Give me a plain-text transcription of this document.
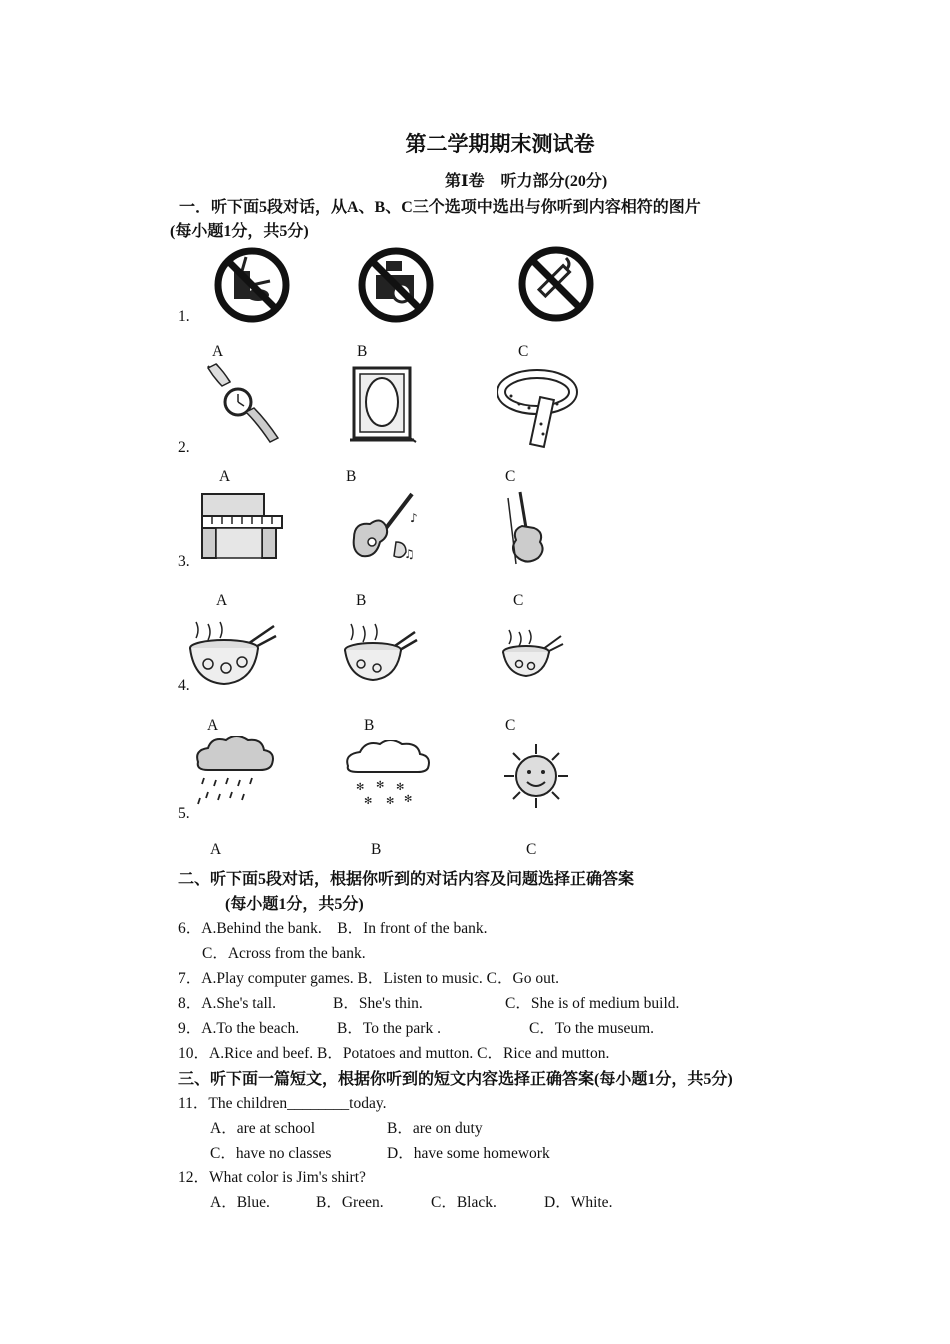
第二学期期末测试卷
第Ⅰ卷　听力部分(20分)
一．听下面5段对话，从A、B、C三个选项中选出与你听到内容相符的图片
(每小题1分，共5分)
1.
2.
3.
4.
5.
A	B	C
A	B	C
♪
♫
A	B	C
A	B	C
✻ ✻ ✻
✻ ✻ ✻
A	B	C
二、听下面5段对话，根据你听到的对话内容及问题选择正确答案
(每小题1分，共5分)
6．A.Behind the bank.　B．In front of the bank.
C．Across from the bank.
7．A.Play computer games. B．Listen to music. C．Go out.
8．A.She's tall.	B．She's thin.	C．She is of medium build.
9．A.To the beach. B．To the park .	C．To the museum.
10．A.Rice and beef. B．Potatoes and mutton. C．Rice and mutton.
三、听下面一篇短文，根据你听到的短文内容选择正确答案(每小题1分，共5分)
11．The children________today.
A．are at school	B．are on duty
C．have no classes	D．have some homework
12．What color is Jim's shirt?
A．Blue.	B．Green.	C．Black.	D．White.
